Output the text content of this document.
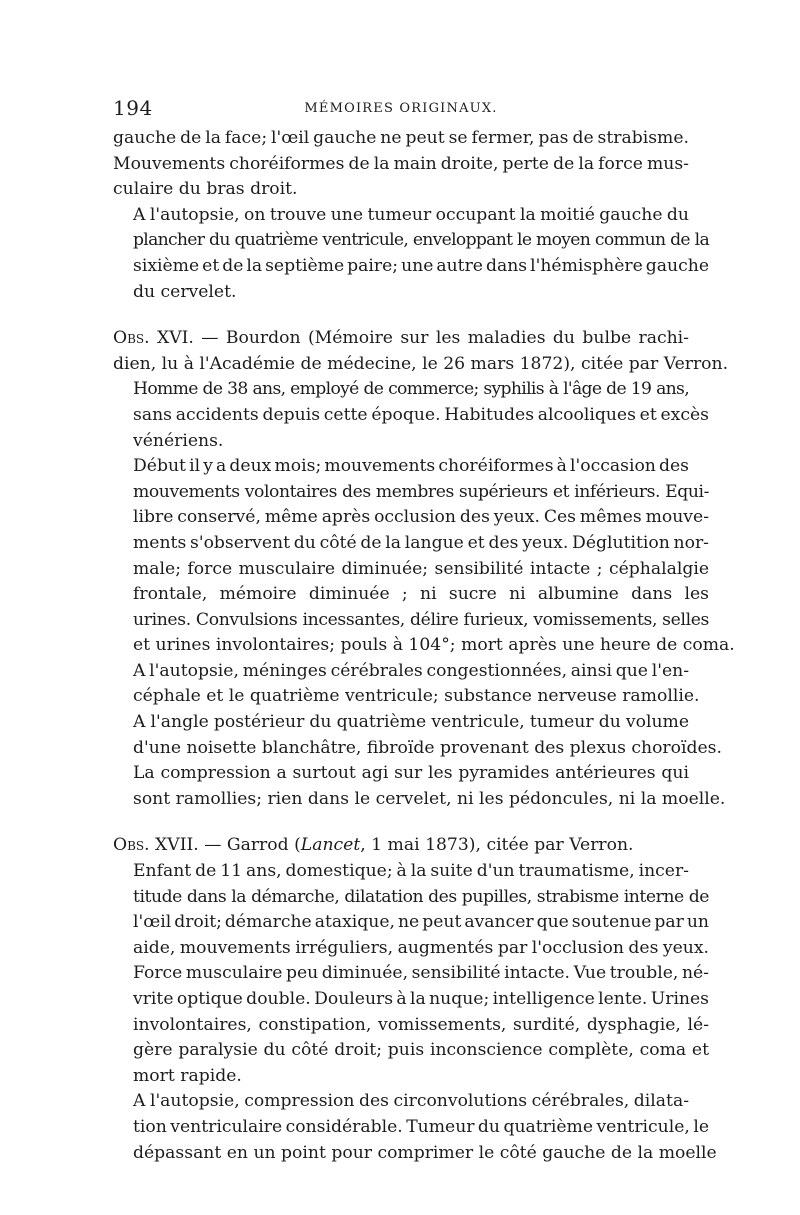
194	MÉMOIRES ORIGINAUX.
gauche de la face; l'œil gauche ne peut se fermer, pas de strabisme.
Mouvements choréiformes de la main droite, perte de la force mus-
culaire du bras droit.
A l'autopsie, on trouve une tumeur occupant la moitié gauche du
plancher du quatrième ventricule, enveloppant le moyen commun de la
sixième et de la septième paire; une autre dans l'hémisphère gauche
du cervelet.
Obs. XVI. — Bourdon (Mémoire sur les maladies du bulbe rachi-
dien, lu à l'Académie de médecine, le 26 mars 1872), citée par Verron.
Homme de 38 ans, employé de commerce; syphilis à l'âge de 19 ans,
sans accidents depuis cette époque. Habitudes alcooliques et excès
vénériens.
Début il y a deux mois; mouvements choréiformes à l'occasion des
mouvements volontaires des membres supérieurs et inférieurs. Equi-
libre conservé, même après occlusion des yeux. Ces mêmes mouve-
ments s'observent du côté de la langue et des yeux. Déglutition nor-
male; force musculaire diminuée; sensibilité intacte ; céphalalgie
frontale, mémoire diminuée ; ni sucre ni albumine dans les
urines. Convulsions incessantes, délire furieux, vomissements, selles
et urines involontaires; pouls à 104°; mort après une heure de coma.
A l'autopsie, méninges cérébrales congestionnées, ainsi que l'en-
céphale et le quatrième ventricule; substance nerveuse ramollie.
A l'angle postérieur du quatrième ventricule, tumeur du volume
d'une noisette blanchâtre, fibroïde provenant des plexus choroïdes.
La compression a surtout agi sur les pyramides antérieures qui
sont ramollies; rien dans le cervelet, ni les pédoncules, ni la moelle.
Obs. XVII. — Garrod (Lancet, 1 mai 1873), citée par Verron.
Enfant de 11 ans, domestique; à la suite d'un traumatisme, incer-
titude dans la démarche, dilatation des pupilles, strabisme interne de
l'œil droit; démarche ataxique, ne peut avancer que soutenue par un
aide, mouvements irréguliers, augmentés par l'occlusion des yeux.
Force musculaire peu diminuée, sensibilité intacte. Vue trouble, né-
vrite optique double. Douleurs à la nuque; intelligence lente. Urines
involontaires, constipation, vomissements, surdité, dysphagie, lé-
gère paralysie du côté droit; puis inconscience complète, coma et
mort rapide.
A l'autopsie, compression des circonvolutions cérébrales, dilata-
tion ventriculaire considérable. Tumeur du quatrième ventricule, le
dépassant en un point pour comprimer le côté gauche de la moelle
